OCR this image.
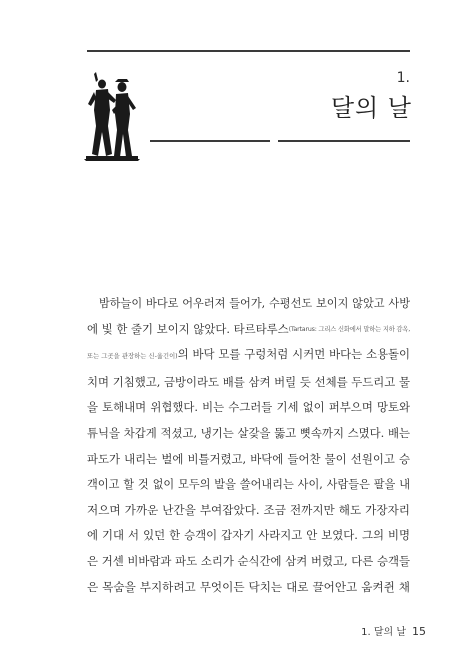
1.
달의 날
밤하늘이 바다로 어우러져 들어가, 수평선도 보이지 않았고 사방
에 빛 한 줄기 보이지 않았다. 타르타루스(Tartarus: 그리스 신화에서 말하는 지하 감옥,
또는 그곳을 관장하는 신-옮긴이)의 바닥 모를 구렁처럼 시커먼 바다는 소용돌이
치며 기침했고, 금방이라도 배를 삼켜 버릴 듯 선체를 두드리고 물
을 토해내며 위협했다. 비는 수그러들 기세 없이 퍼부으며 망토와
튜닉을 차갑게 적셨고, 냉기는 살갗을 뚫고 뼛속까지 스몄다. 배는
파도가 내리는 벌에 비틀거렸고, 바닥에 들어찬 물이 선원이고 승
객이고 할 것 없이 모두의 발을 쓸어내리는 사이, 사람들은 팔을 내
저으며 가까운 난간을 부여잡았다. 조금 전까지만 해도 가장자리
에 기대 서 있던 한 승객이 갑자기 사라지고 안 보였다. 그의 비명
은 거센 비바람과 파도 소리가 순식간에 삼켜 버렸고, 다른 승객들
은 목숨을 부지하려고 무엇이든 닥치는 대로 끌어안고 움켜쥔 채
1. 달의 날 15
